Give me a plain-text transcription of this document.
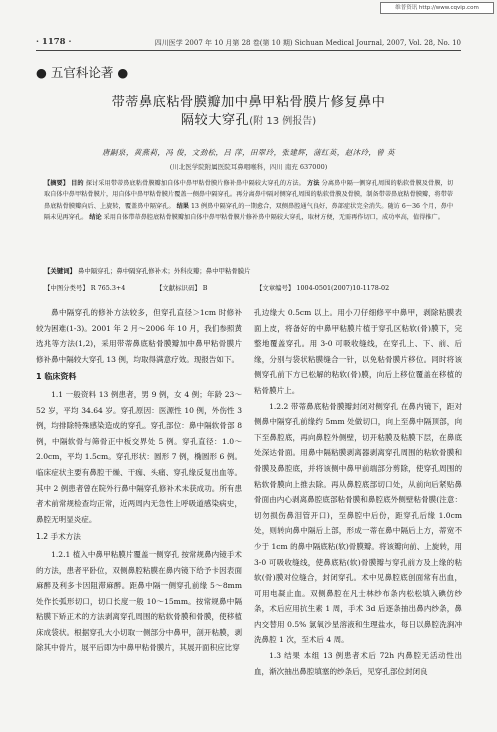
维普资讯 http://www.cqvip.com
· 1178 ·	四川医学 2007 年 10 月第 28 卷(第 10 期) Sichuan Medical Journal, 2007, Vol. 28, No. 10
● 五官科论著 ●
带蒂鼻底粘骨膜瓣加中鼻甲粘骨膜片修复鼻中
隔较大穿孔(附 13 例报告)
唐嗣泉，黄燕莉，冯 俊，文劲松，吕 萍，田翠玲，张建辉，蒲红英，赵沐玲，曾 英
(川北医学院附属医院耳鼻咽喉科，四川 南充 637000)
【摘要】 目的 探讨采用带蒂鼻底粘骨膜瓣加自体中鼻甲粘骨膜片修补鼻中隔较大穿孔的方法。 方法 分离鼻中隔一侧穿孔周围的粘软骨膜及骨膜，切取自体中鼻甲粘骨膜片，用自体中鼻甲粘骨膜片覆盖一侧鼻中隔穿孔。再分离鼻中隔对侧穿孔周围的粘软骨膜及骨膜，制备带蒂鼻底粘骨膜瓣，将带蒂鼻底粘骨膜瓣向后、上旋转，覆盖鼻中隔穿孔。 结果 13 例鼻中隔穿孔的一期愈合，双侧鼻腔通气良好，鼻部症状完全消失。随访 6～36 个月，鼻中隔未见再穿孔。 结论 采用自体带蒂鼻腔底粘骨膜瓣加自体中鼻甲粘骨膜片修补鼻中隔较大穿孔，取材方便，无需再作切口，成功率高，值得推广。
【关键词】 鼻中隔穿孔；鼻中隔穿孔修补术；外科皮瓣；鼻中甲粘骨膜片
【中图分类号】 R 765.3+4	【文献标识码】 B	【文章编号】 1004-0501(2007)10-1178-02

鼻中隔穿孔的修补方法较多，但穿孔直径＞1cm 时修补较为困难(1-3)。2001 年 2 月～2006 年 10 月，我们参照黄选兆等方法(1,2)，采用带蒂鼻底粘骨膜瓣加中鼻甲粘骨膜片修补鼻中隔较大穿孔 13 例，均取得满意疗效。现报告如下。

1 临床资料

1.1 一般资料 13 例患者，男 9 例，女 4 例；年龄 23～52 岁，平均 34.64 岁。穿孔原因：医源性 10 例，外伤性 3 例，均排除特殊感染造成的穿孔。穿孔部位：鼻中隔软骨部 8 例，中隔软骨与筛骨正中板交界处 5 例。穿孔直径：1.0～2.0cm，平均 1.5cm。穿孔形状：圆形 7 例，椭圆形 6 例。临床症状主要有鼻腔干燥、干痂、头痛、穿孔缘反复出血等。其中 2 例患者曾在院外行鼻中隔穿孔修补术未获成功。所有患者术前常规检查均正常，近两周内无急性上呼吸道感染病史，鼻腔无明显炎症。

1.2 手术方法

1.2.1 植入中鼻甲粘膜片覆盖一侧穿孔 按常规鼻内镜手术的方法，患者平卧位，双侧鼻腔粘膜在鼻内镜下给予卡因表面麻醉及利多卡因阻滞麻醉。距鼻中隔一侧穿孔前缘 5～8mm 处作长弧形切口，切口长度一般 10～15mm。按常规鼻中隔粘膜下矫正术的方法剥离穿孔周围的粘软骨膜和骨膜，使移植床成袋状。根据穿孔大小切取一侧部分中鼻甲，剖开粘膜，剥除其中骨片，展平后即为中鼻甲粘骨膜片，其展开面积应比穿

孔边缘大 0.5cm 以上。用小刀仔细修平中鼻甲，剥除粘膜表面上皮，将备好的中鼻甲粘膜片植于穿孔区粘软(骨)膜下，完整地覆盖穿孔。用 3-0 可吸收缝线，在穿孔上、下、前、后缘，分别与袋状粘膜缝合一针，以免粘骨膜片移位。同时将该侧穿孔前下方已松解的粘软(骨)膜，向后上移位覆盖在移植的粘骨膜片上。

1.2.2 带蒂鼻底粘骨膜瓣封闭对侧穿孔 在鼻内镜下，距对侧鼻中隔穿孔前缘约 5mm 处做切口，向上至鼻中隔顶部，向下至鼻腔底，再向鼻腔外侧壁，切开粘膜及粘膜下层，在鼻底处深达骨面。用鼻中隔粘膜剥离器剥离穿孔周围的粘软骨膜和骨膜及鼻腔底，并将该侧中鼻甲前端部分剪除，使穿孔周围的粘软骨膜向上推去除。再从鼻腔底部切口处，从前向后紧贴鼻骨面由内心剥离鼻腔底部粘骨膜和鼻腔底外侧壁粘骨膜(注意：切勿损伤鼻泪管开口)，至鼻腔中后份，距穿孔后缘 1.0cm 处，则转向鼻中隔后上部，形成一蒂在鼻中隔后上方，蒂宽不少于 1cm 的鼻中隔底粘(软)骨膜瓣。将该瓣向前、上旋转，用 3-0 可吸收缝线，使鼻底粘(软)骨膜瓣与穿孔前方及上缘的粘软(骨)膜对位缝合，封闭穿孔。术中见鼻腔底创面常有出血，可用电凝止血。双侧鼻腔在凡士林纱布条内松松填入碘仿纱条，术后应用抗生素 1 周，手术 3d 后逐条抽出鼻内纱条，鼻内交替用 0.5% 氯氧沙星溶液和生理盐水，每日以鼻腔洗涧冲洗鼻腔 1 次，至术后 4 周。

1.3 结果 本组 13 例患者术后 72h 内鼻腔无活动性出血，渐次抽出鼻腔填塞的纱条后，见穿孔部位封闭良
